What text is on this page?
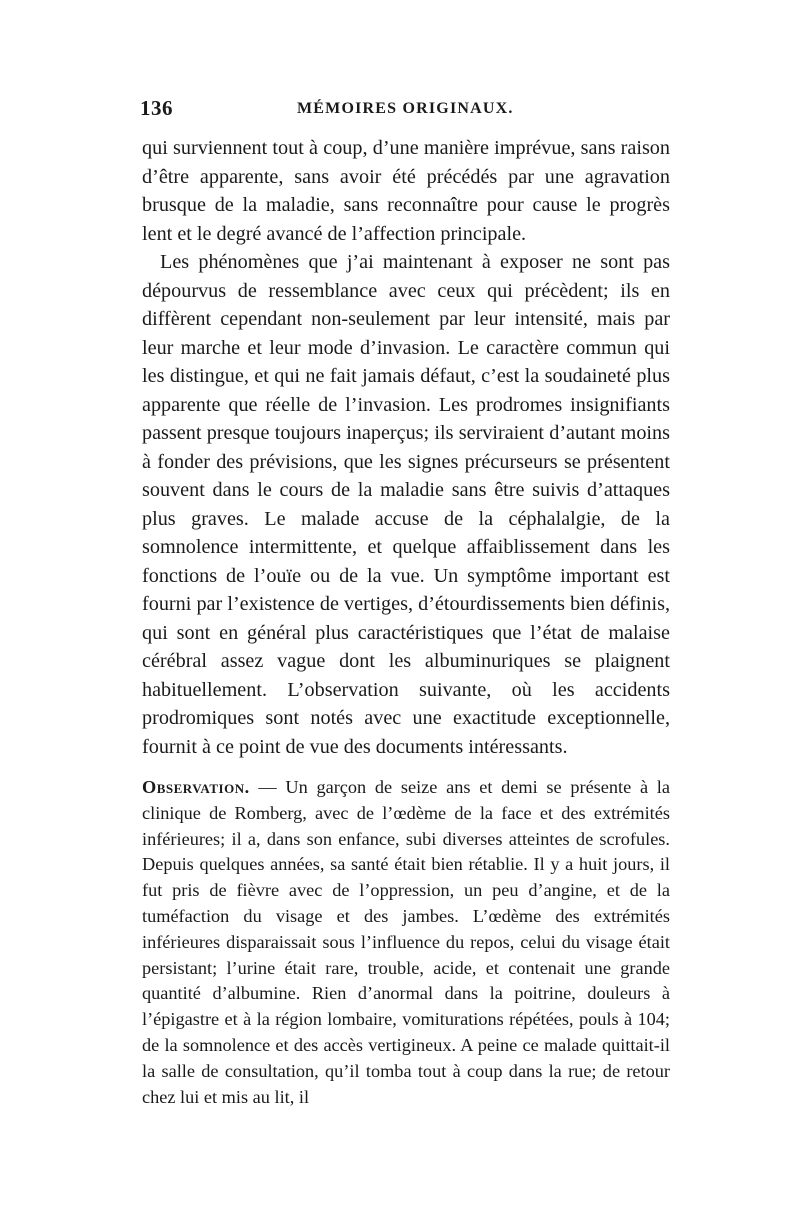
136	MÉMOIRES ORIGINAUX.

qui surviennent tout à coup, d’une manière imprévue, sans raison d’être apparente, sans avoir été précédés par une agravation brusque de la maladie, sans reconnaître pour cause le progrès lent et le degré avancé de l’affection principale.

Les phénomènes que j’ai maintenant à exposer ne sont pas dépourvus de ressemblance avec ceux qui précèdent; ils en diffèrent cependant non-seulement par leur intensité, mais par leur marche et leur mode d’invasion. Le caractère commun qui les distingue, et qui ne fait jamais défaut, c’est la soudaineté plus apparente que réelle de l’invasion. Les prodromes insignifiants passent presque toujours inaperçus; ils serviraient d’autant moins à fonder des prévisions, que les signes précurseurs se présentent souvent dans le cours de la maladie sans être suivis d’attaques plus graves. Le malade accuse de la céphalalgie, de la somnolence intermittente, et quelque affaiblissement dans les fonctions de l’ouïe ou de la vue. Un symptôme important est fourni par l’existence de vertiges, d’étourdissements bien définis, qui sont en général plus caractéristiques que l’état de malaise cérébral assez vague dont les albuminuriques se plaignent habituellement. L’observation suivante, où les accidents prodromiques sont notés avec une exactitude exceptionnelle, fournit à ce point de vue des documents intéressants.

Observation. — Un garçon de seize ans et demi se présente à la clinique de Romberg, avec de l’œdème de la face et des extrémités inférieures; il a, dans son enfance, subi diverses atteintes de scrofules. Depuis quelques années, sa santé était bien rétablie. Il y a huit jours, il fut pris de fièvre avec de l’oppression, un peu d’angine, et de la tuméfaction du visage et des jambes. L’œdème des extrémités inférieures disparaissait sous l’influence du repos, celui du visage était persistant; l’urine était rare, trouble, acide, et contenait une grande quantité d’albumine. Rien d’anormal dans la poitrine, douleurs à l’épigastre et à la région lombaire, vomiturations répétées, pouls à 104; de la somnolence et des accès vertigineux. A peine ce malade quittait-il la salle de consultation, qu’il tomba tout à coup dans la rue; de retour chez lui et mis au lit, il
